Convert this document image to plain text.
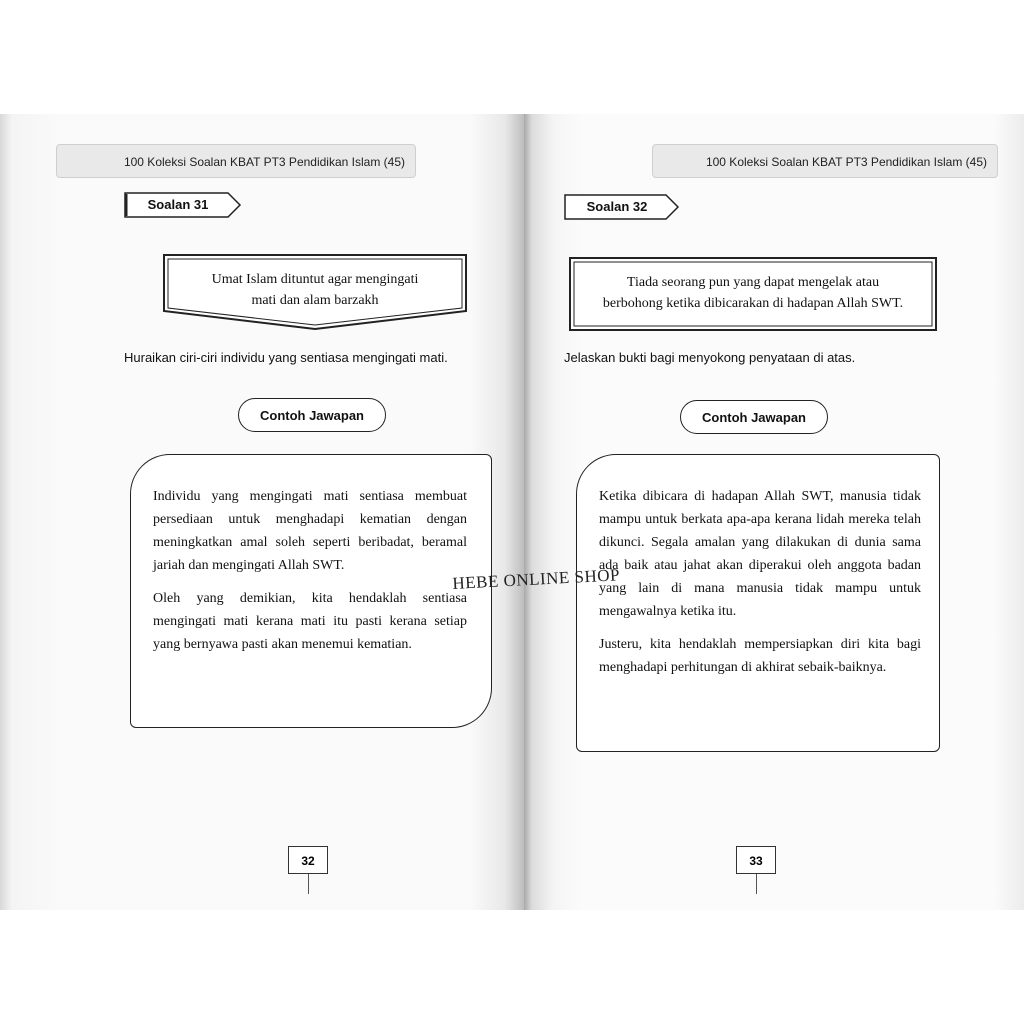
100 Koleksi Soalan KBAT PT3 Pendidikan Islam (45)
Soalan 31
Umat Islam dituntut agar mengingati
mati dan alam barzakh
Huraikan ciri-ciri individu yang sentiasa mengingati mati.
Contoh Jawapan

Individu yang mengingati mati sentiasa membuat persediaan untuk menghadapi kematian dengan meningkatkan amal soleh seperti beribadat, beramal jariah dan mengingati Allah SWT.

Oleh yang demikian, kita hendaklah sentiasa mengingati mati kerana mati itu pasti kerana setiap yang bernyawa pasti akan menemui kematian.

32
100 Koleksi Soalan KBAT PT3 Pendidikan Islam (45)
Soalan 32
Tiada seorang pun yang dapat mengelak atau
berbohong ketika dibicarakan di hadapan Allah SWT.
Jelaskan bukti bagi menyokong penyataan di atas.
Contoh Jawapan

Ketika dibicara di hadapan Allah SWT, manusia tidak mampu untuk berkata apa-apa kerana lidah mereka telah dikunci. Segala amalan yang dilakukan di dunia sama ada baik atau jahat akan diperakui oleh anggota badan yang lain di mana manusia tidak mampu untuk mengawalnya ketika itu.

Justeru, kita hendaklah mempersiapkan diri kita bagi menghadapi perhitungan di akhirat sebaik-baiknya.

33
HEBE ONLINE SHOP
